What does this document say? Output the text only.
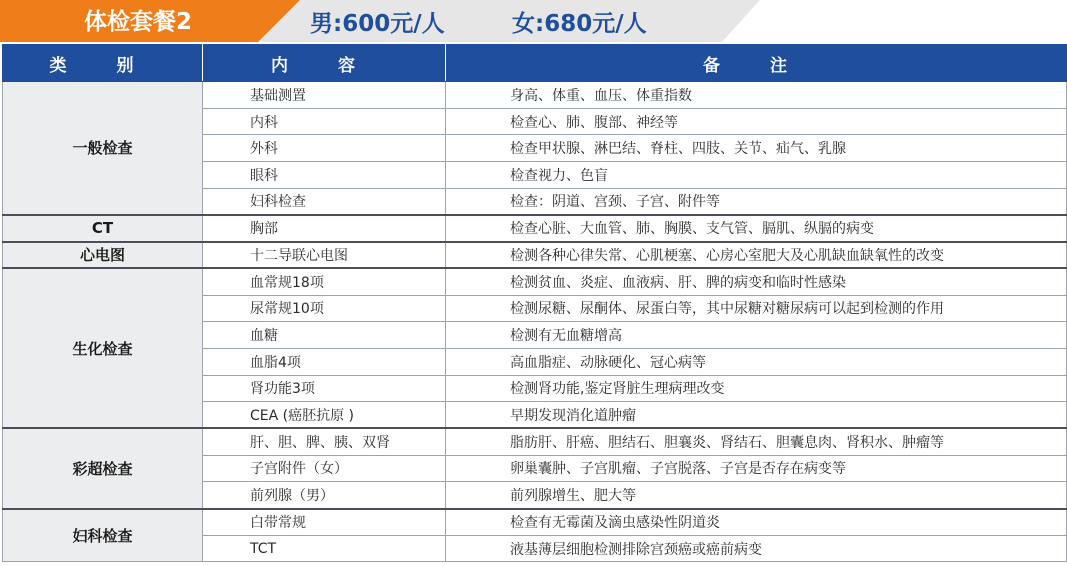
体检套餐2	男:600元/人	女:680元/人
类 别	内 容	备 注
一般检查	基础测置	身高、体重、血压、体重指数
	内科	检查心、肺、腹部、神经等
	外科	检查甲状腺、淋巴结、脊柱、四肢、关节、疝气、乳腺
	眼科	检查视力、色盲
	妇科检查	检查：阴道、宫颈、子宫、附件等
CT	胸部	检查心脏、大血管、肺、胸膜、支气管、膈肌、纵膈的病变
心电图	十二导联心电图	检测各种心律失常、心肌梗塞、心房心室肥大及心肌缺血缺氧性的改变
生化检查	血常规18项	检测贫血、炎症、血液病、肝、脾的病变和临时性感染
	尿常规10项	检测尿糖、尿酮体、尿蛋白等，其中尿糖对糖尿病可以起到检测的作用
	血糖	检测有无血糖增高
	血脂4项	高血脂症、动脉硬化、冠心病等
	肾功能3项	检测肾功能,鉴定肾脏生理病理改变
	CEA (癌胚抗原 )	早期发现消化道肿瘤
彩超检查	肝、胆、脾、胰、双肾	脂肪肝、肝癌、胆结石、胆襄炎、肾结石、胆囊息肉、肾积水、肿瘤等
	子宫附件（女）	卵巢囊肿、子宫肌瘤、子宫脱落、子宫是否存在病变等
	前列腺（男）	前列腺增生、肥大等
妇科检查	白带常规	检查有无霉菌及滴虫感染性阴道炎
	TCT	液基薄层细胞检测排除宫颈癌或癌前病变
